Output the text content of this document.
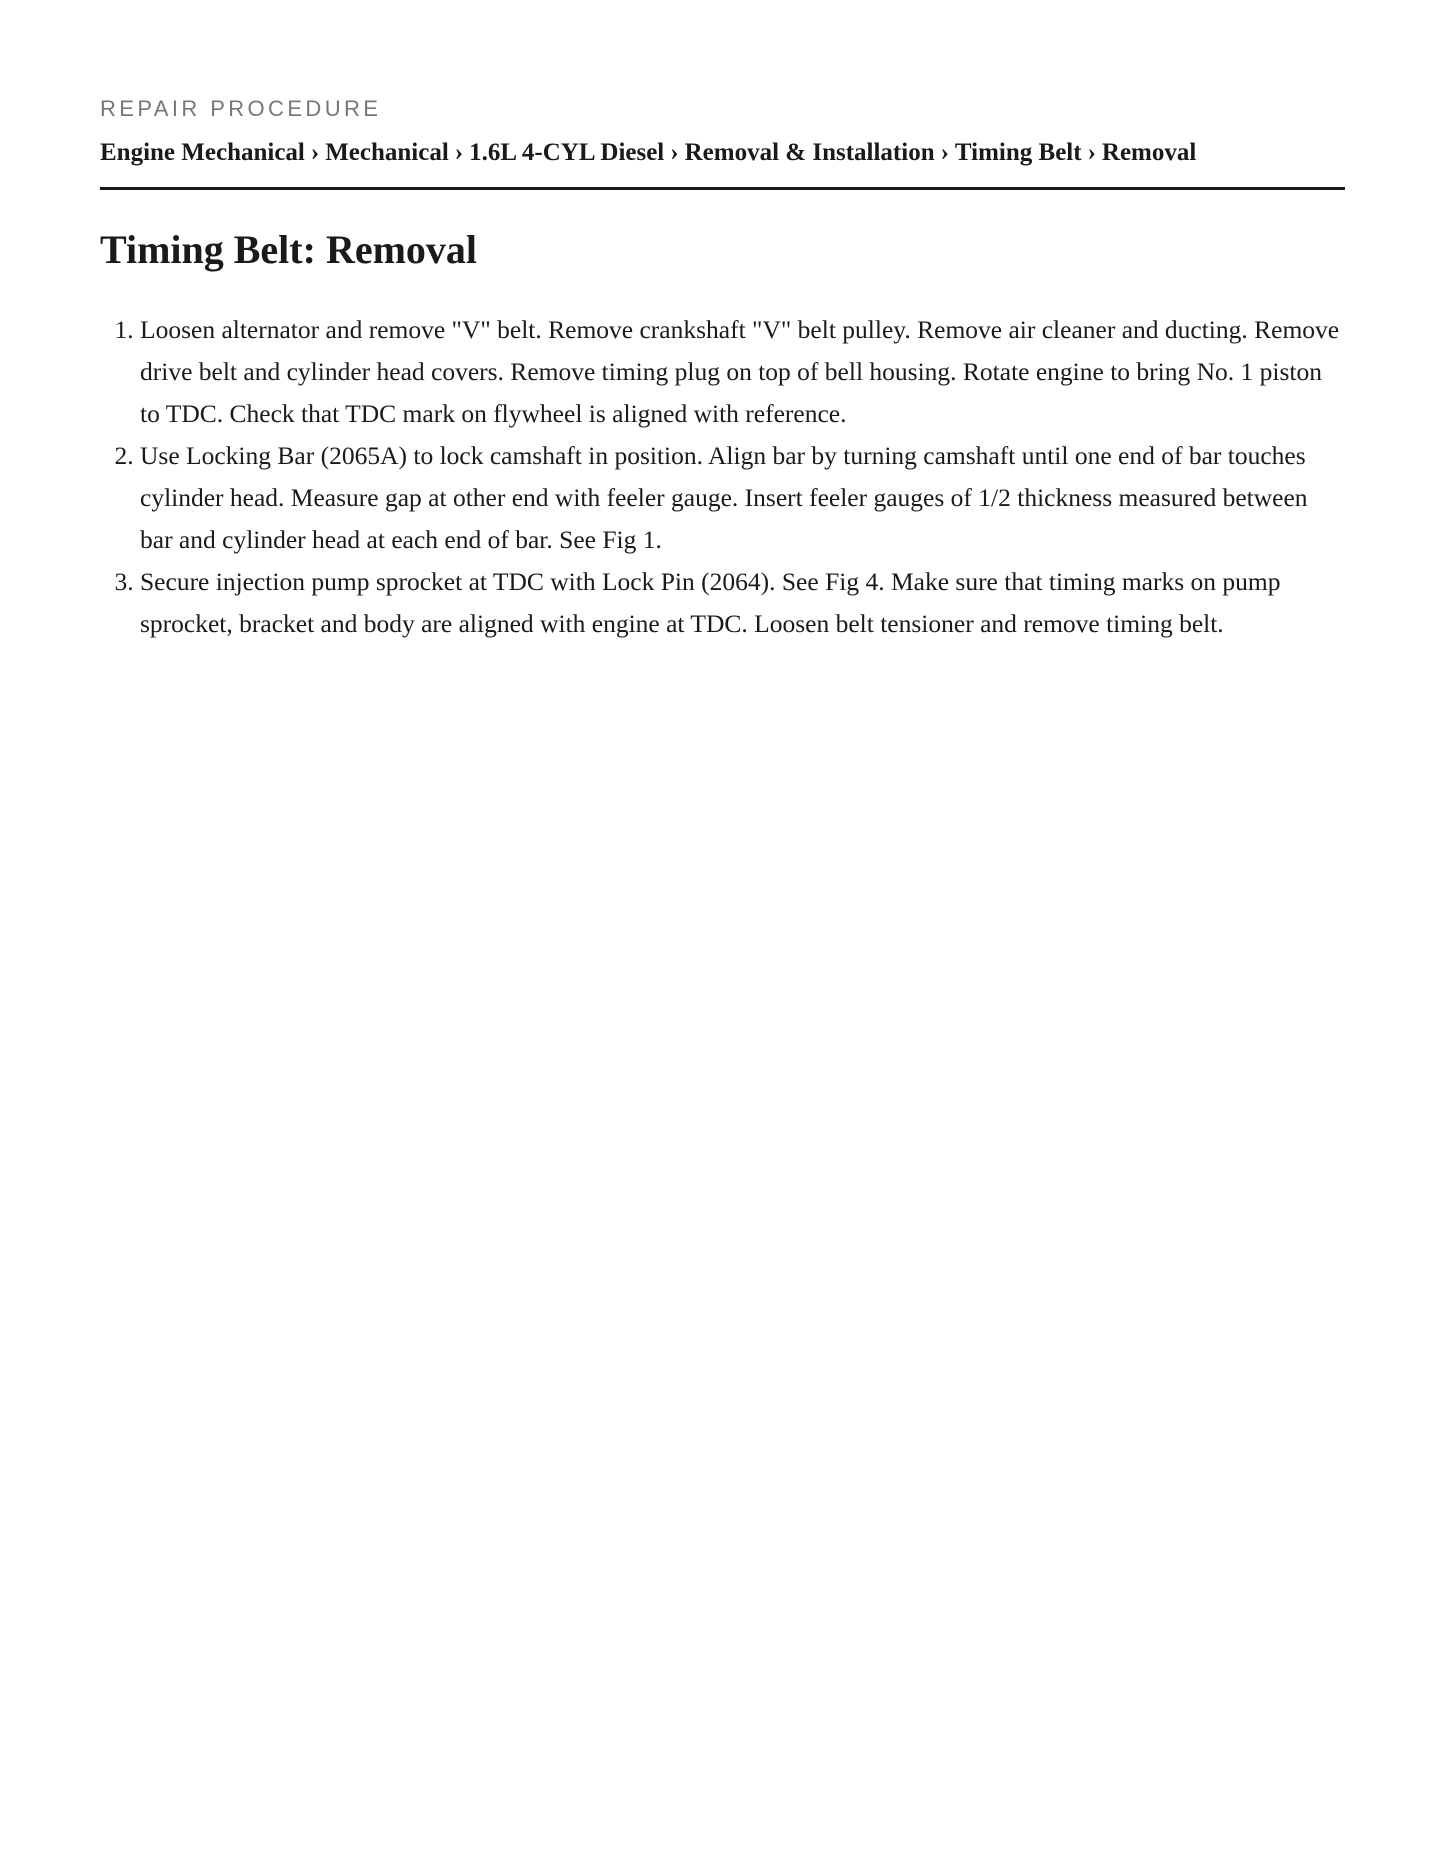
REPAIR PROCEDURE
Engine Mechanical › Mechanical › 1.6L 4-CYL Diesel › Removal & Installation › Timing Belt › Removal
Timing Belt: Removal
1. Loosen alternator and remove "V" belt. Remove crankshaft "V" belt pulley. Remove air cleaner and ducting. Remove drive belt and cylinder head covers. Remove timing plug on top of bell housing. Rotate engine to bring No. 1 piston to TDC. Check that TDC mark on flywheel is aligned with reference.
2. Use Locking Bar (2065A) to lock camshaft in position. Align bar by turning camshaft until one end of bar touches cylinder head. Measure gap at other end with feeler gauge. Insert feeler gauges of 1/2 thickness measured between bar and cylinder head at each end of bar. See Fig 1.
3. Secure injection pump sprocket at TDC with Lock Pin (2064). See Fig 4. Make sure that timing marks on pump sprocket, bracket and body are aligned with engine at TDC. Loosen belt tensioner and remove timing belt.
